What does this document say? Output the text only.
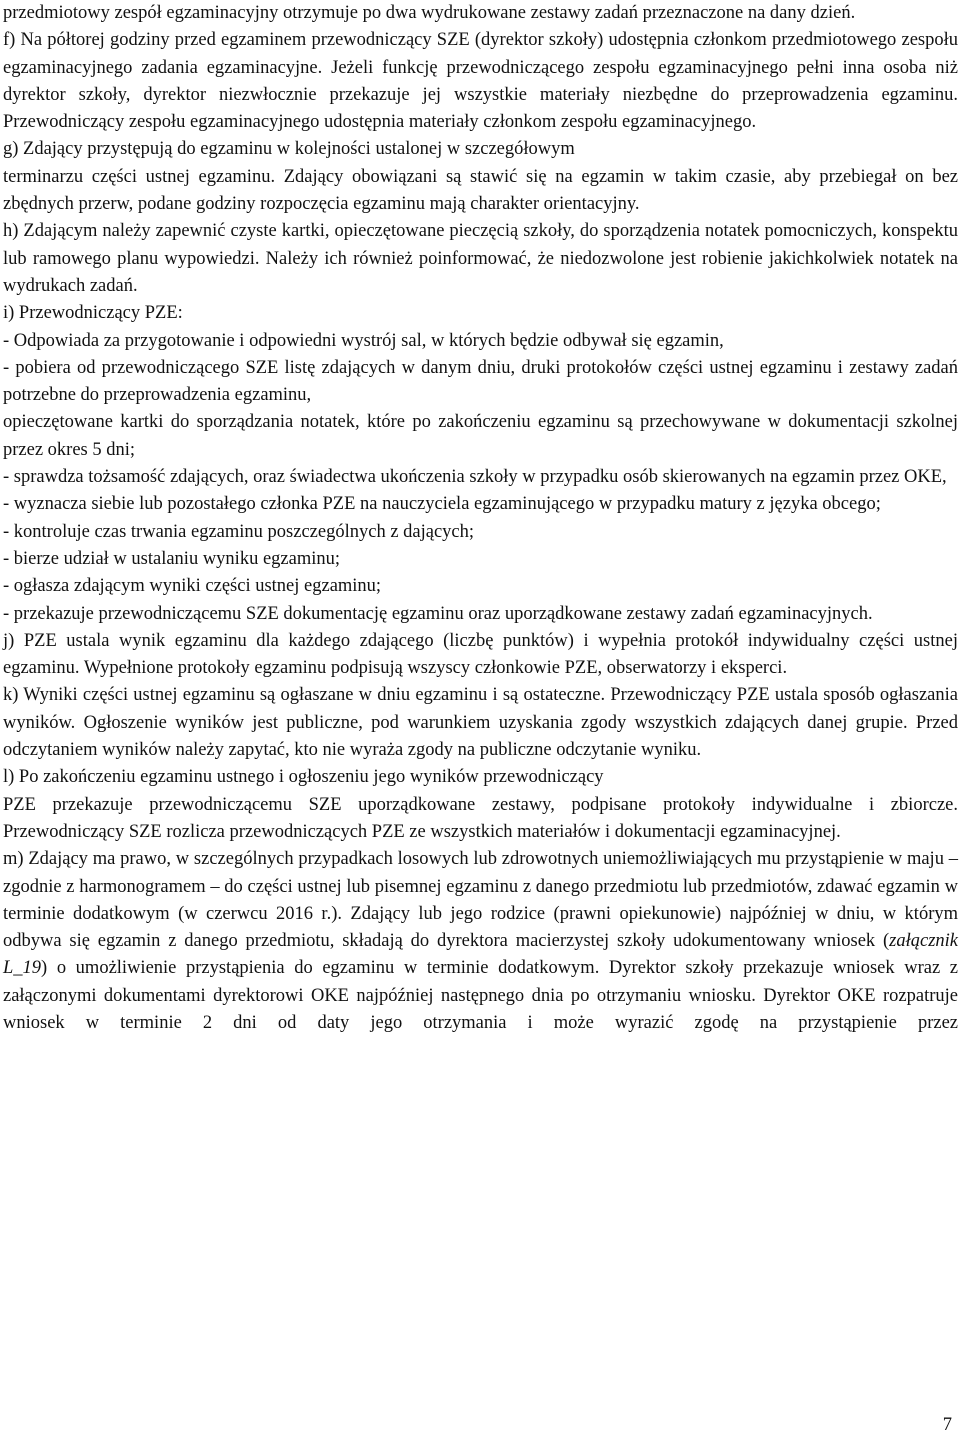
przedmiotowy zespół egzaminacyjny otrzymuje po dwa wydrukowane zestawy zadań przeznaczone na dany dzień.

f) Na półtorej godziny przed egzaminem przewodniczący SZE (dyrektor szkoły) udostępnia członkom przedmiotowego zespołu egzaminacyjnego zadania egzaminacyjne. Jeżeli funkcję przewodniczącego zespołu egzaminacyjnego pełni inna osoba niż dyrektor szkoły, dyrektor niezwłocznie przekazuje jej wszystkie materiały niezbędne do przeprowadzenia egzaminu. Przewodniczący zespołu egzaminacyjnego udostępnia materiały członkom zespołu egzaminacyjnego.

g) Zdający przystępują do egzaminu w kolejności ustalonej w szczegółowym

terminarzu części ustnej egzaminu. Zdający obowiązani są stawić się na egzamin w takim czasie, aby przebiegał on bez zbędnych przerw, podane godziny rozpoczęcia egzaminu mają charakter orientacyjny.

h) Zdającym należy zapewnić czyste kartki, opieczętowane pieczęcią szkoły, do sporządzenia notatek pomocniczych, konspektu lub ramowego planu wypowiedzi. Należy ich również poinformować, że niedozwolone jest robienie jakichkolwiek notatek na wydrukach zadań.

i) Przewodniczący PZE:

- Odpowiada za przygotowanie i odpowiedni wystrój sal, w których będzie odbywał się egzamin,

- pobiera od przewodniczącego SZE listę zdających w danym dniu, druki protokołów części ustnej egzaminu i zestawy zadań potrzebne do przeprowadzenia egzaminu,

opieczętowane kartki do sporządzania notatek, które po zakończeniu egzaminu są przechowywane w dokumentacji szkolnej przez okres 5 dni;

- sprawdza tożsamość zdających, oraz świadectwa ukończenia szkoły w przypadku osób skierowanych na egzamin przez OKE,

- wyznacza siebie lub pozostałego członka PZE na nauczyciela egzaminującego w przypadku matury z języka obcego;

- kontroluje czas trwania egzaminu poszczególnych z dających;

- bierze udział w ustalaniu wyniku egzaminu;

- ogłasza zdającym wyniki części ustnej egzaminu;

- przekazuje przewodniczącemu SZE dokumentację egzaminu oraz uporządkowane zestawy zadań egzaminacyjnych.

j) PZE ustala wynik egzaminu dla każdego zdającego (liczbę punktów) i wypełnia protokół indywidualny części ustnej egzaminu. Wypełnione protokoły egzaminu podpisują wszyscy członkowie PZE, obserwatorzy i eksperci.

k) Wyniki części ustnej egzaminu są ogłaszane w dniu egzaminu i są ostateczne. Przewodniczący PZE ustala sposób ogłaszania wyników. Ogłoszenie wyników jest publiczne, pod warunkiem uzyskania zgody wszystkich zdających danej grupie. Przed odczytaniem wyników należy zapytać, kto nie wyraża zgody na publiczne odczytanie wyniku.

l) Po zakończeniu egzaminu ustnego i ogłoszeniu jego wyników przewodniczący

PZE przekazuje przewodniczącemu SZE uporządkowane zestawy, podpisane protokoły indywidualne i zbiorcze. Przewodniczący SZE rozlicza przewodniczących PZE ze wszystkich materiałów i dokumentacji egzaminacyjnej.

m) Zdający ma prawo, w szczególnych przypadkach losowych lub zdrowotnych uniemożliwiających mu przystąpienie w maju – zgodnie z harmonogramem – do części ustnej lub pisemnej egzaminu z danego przedmiotu lub przedmiotów, zdawać egzamin w terminie dodatkowym (w czerwcu 2016 r.). Zdający lub jego rodzice (prawni opiekunowie) najpóźniej w dniu, w którym odbywa się egzamin z danego przedmiotu, składają do dyrektora macierzystej szkoły udokumentowany wniosek (załącznik L_19) o umożliwienie przystąpienia do egzaminu w terminie dodatkowym. Dyrektor szkoły przekazuje wniosek wraz z załączonymi dokumentami dyrektorowi OKE najpóźniej następnego dnia po otrzymaniu wniosku. Dyrektor OKE rozpatruje wniosek w terminie 2 dni od daty jego otrzymania i może wyrazić zgodę na przystąpienie przez

7
